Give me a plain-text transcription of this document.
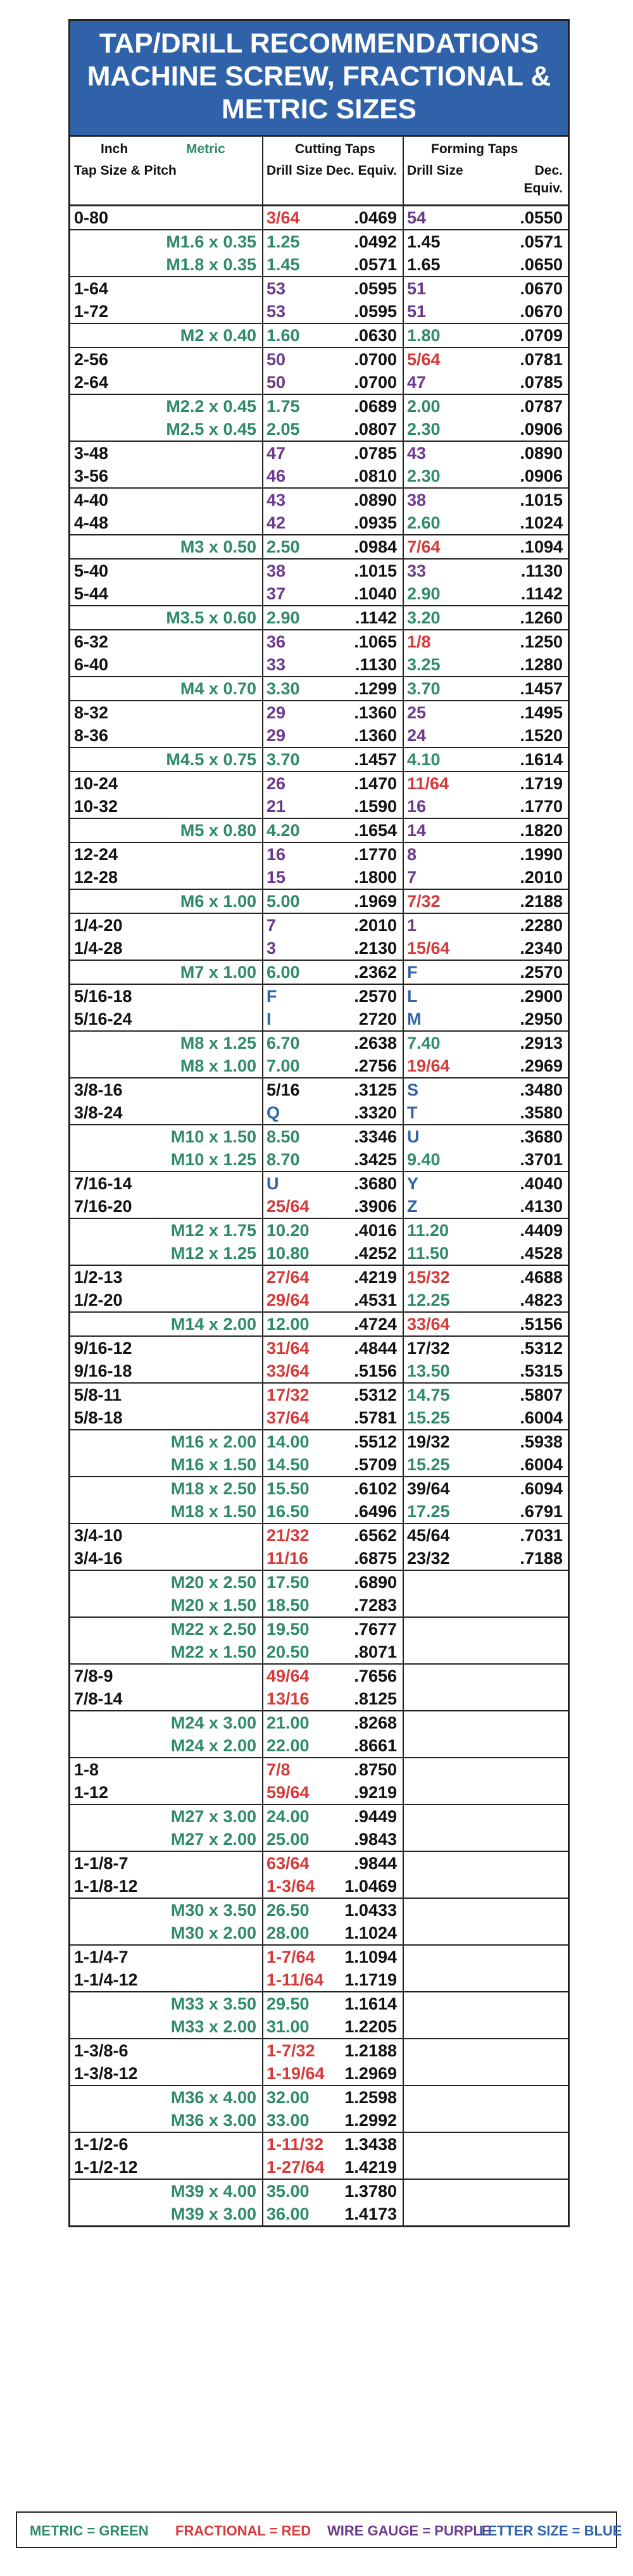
TAP/DRILL RECOMMENDATIONS
MACHINE SCREW, FRACTIONAL &
METRIC SIZES
Inch	Metric
Tap Size & Pitch
Cutting Taps
Drill Size Dec. Equiv.
Forming Taps
Drill Size	Dec.
Equiv.
0-80	3/64	.0469 54	.0550
M1.6 x 0.35 1.25	.0492 1.45	.0571
M1.8 x 0.35 1.45	.0571 1.65	.0650
1-64	53	.0595 51	.0670
1-72	53	.0595 51	.0670
M2 x 0.40 1.60	.0630 1.80	.0709
2-56	50	.0700 5/64	.0781
2-64	50	.0700 47	.0785
M2.2 x 0.45 1.75	.0689 2.00	.0787
M2.5 x 0.45 2.05	.0807 2.30	.0906
3-48	47	.0785 43	.0890
3-56	46	.0810 2.30	.0906
4-40	43	.0890 38	.1015
4-48	42	.0935 2.60	.1024
M3 x 0.50 2.50	.0984 7/64	.1094
5-40	38	.1015 33	.1130
5-44	37	.1040 2.90	.1142
M3.5 x 0.60 2.90	.1142 3.20	.1260
6-32	36	.1065 1/8	.1250
6-40	33	.1130 3.25	.1280
M4 x 0.70 3.30	.1299 3.70	.1457
8-32	29	.1360 25	.1495
8-36	29	.1360 24	.1520
M4.5 x 0.75 3.70	.1457 4.10	.1614
10-24	26	.1470 11/64	.1719
10-32	21	.1590 16	.1770
M5 x 0.80 4.20	.1654 14	.1820
12-24	16	.1770 8	.1990
12-28	15	.1800 7	.2010
M6 x 1.00 5.00	.1969 7/32	.2188
1/4-20	7	.2010 1	.2280
1/4-28	3	.2130 15/64	.2340
M7 x 1.00 6.00	.2362 F	.2570
5/16-18	F	.2570 L	.2900
5/16-24	I	2720 M	.2950
M8 x 1.25 6.70	.2638 7.40	.2913
M8 x 1.00 7.00	.2756 19/64	.2969
3/8-16	5/16	.3125 S	.3480
3/8-24	Q	.3320 T	.3580
M10 x 1.50 8.50	.3346 U	.3680
M10 x 1.25 8.70	.3425 9.40	.3701
7/16-14	U	.3680 Y	.4040
7/16-20	25/64	.3906 Z	.4130
M12 x 1.75 10.20	.4016 11.20	.4409
M12 x 1.25 10.80	.4252 11.50	.4528
1/2-13	27/64	.4219 15/32	.4688
1/2-20	29/64	.4531 12.25	.4823
M14 x 2.00 12.00	.4724 33/64	.5156
9/16-12	31/64	.4844 17/32	.5312
9/16-18	33/64	.5156 13.50	.5315
5/8-11	17/32	.5312 14.75	.5807
5/8-18	37/64	.5781 15.25	.6004
M16 x 2.00 14.00	.5512 19/32	.5938
M16 x 1.50 14.50	.5709 15.25	.6004
M18 x 2.50 15.50	.6102 39/64	.6094
M18 x 1.50 16.50	.6496 17.25	.6791
3/4-10	21/32	.6562 45/64	.7031
3/4-16	11/16	.6875 23/32	.7188
M20 x 2.50 17.50	.6890
M20 x 1.50 18.50	.7283
M22 x 2.50 19.50	.7677
M22 x 1.50 20.50	.8071
7/8-9	49/64	.7656
7/8-14	13/16	.8125
M24 x 3.00 21.00	.8268
M24 x 2.00 22.00	.8661
1-8	7/8	.8750
1-12	59/64	.9219
M27 x 3.00 24.00	.9449
M27 x 2.00 25.00	.9843
1-1/8-7	63/64	.9844
1-1/8-12	1-3/64 1.0469
M30 x 3.50 26.50 1.0433
M30 x 2.00 28.00 1.1024
1-1/4-7	1-7/64 1.1094
1-1/4-12	1-11/64 1.1719
M33 x 3.50 29.50 1.1614
M33 x 2.00 31.00 1.2205
1-3/8-6	1-7/32 1.2188
1-3/8-12	1-19/64 1.2969
M36 x 4.00 32.00 1.2598
M36 x 3.00 33.00 1.2992
1-1/2-6	1-11/32 1.3438
1-1/2-12	1-27/64 1.4219
M39 x 4.00 35.00 1.3780
M39 x 3.00 36.00 1.4173
METRIC = GREEN FRACTIONAL = RED WIRE GAUGE = PURPLE
LETTER SIZE = BLUE
